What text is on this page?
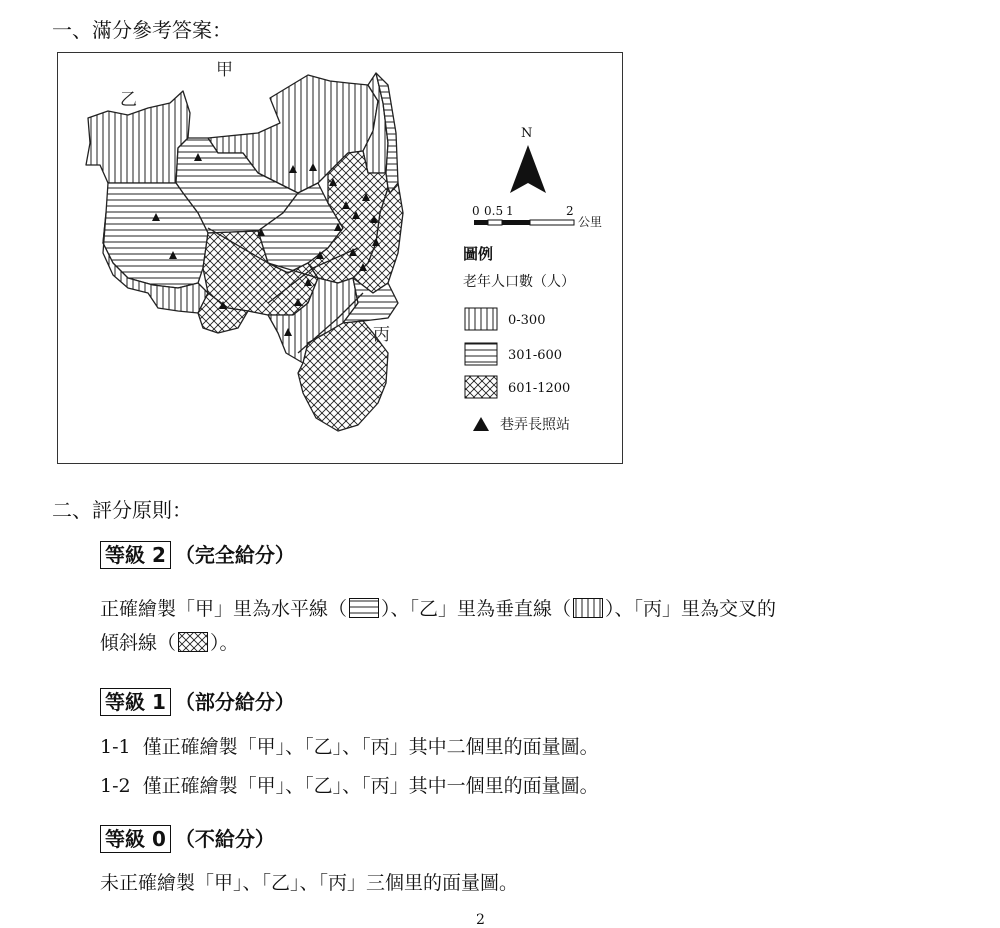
一、滿分參考答案：
甲
乙
丙
N
0 0.5 1	2
公里
圖例
老年人口數（人）
0-300
301-600
601-1200
巷弄長照站
二、評分原則：
等級 2 （完全給分）
正確繪製「甲」里為水平線（ ）、「乙」里為垂直線（ ）、「丙」里為交叉的
傾斜線（ ）。
等級 1 （部分給分）
1-1  僅正確繪製「甲」、「乙」、「丙」其中二個里的面量圖。
1-2  僅正確繪製「甲」、「乙」、「丙」其中一個里的面量圖。
等級 0 （不給分）
未正確繪製「甲」、「乙」、「丙」三個里的面量圖。
2
